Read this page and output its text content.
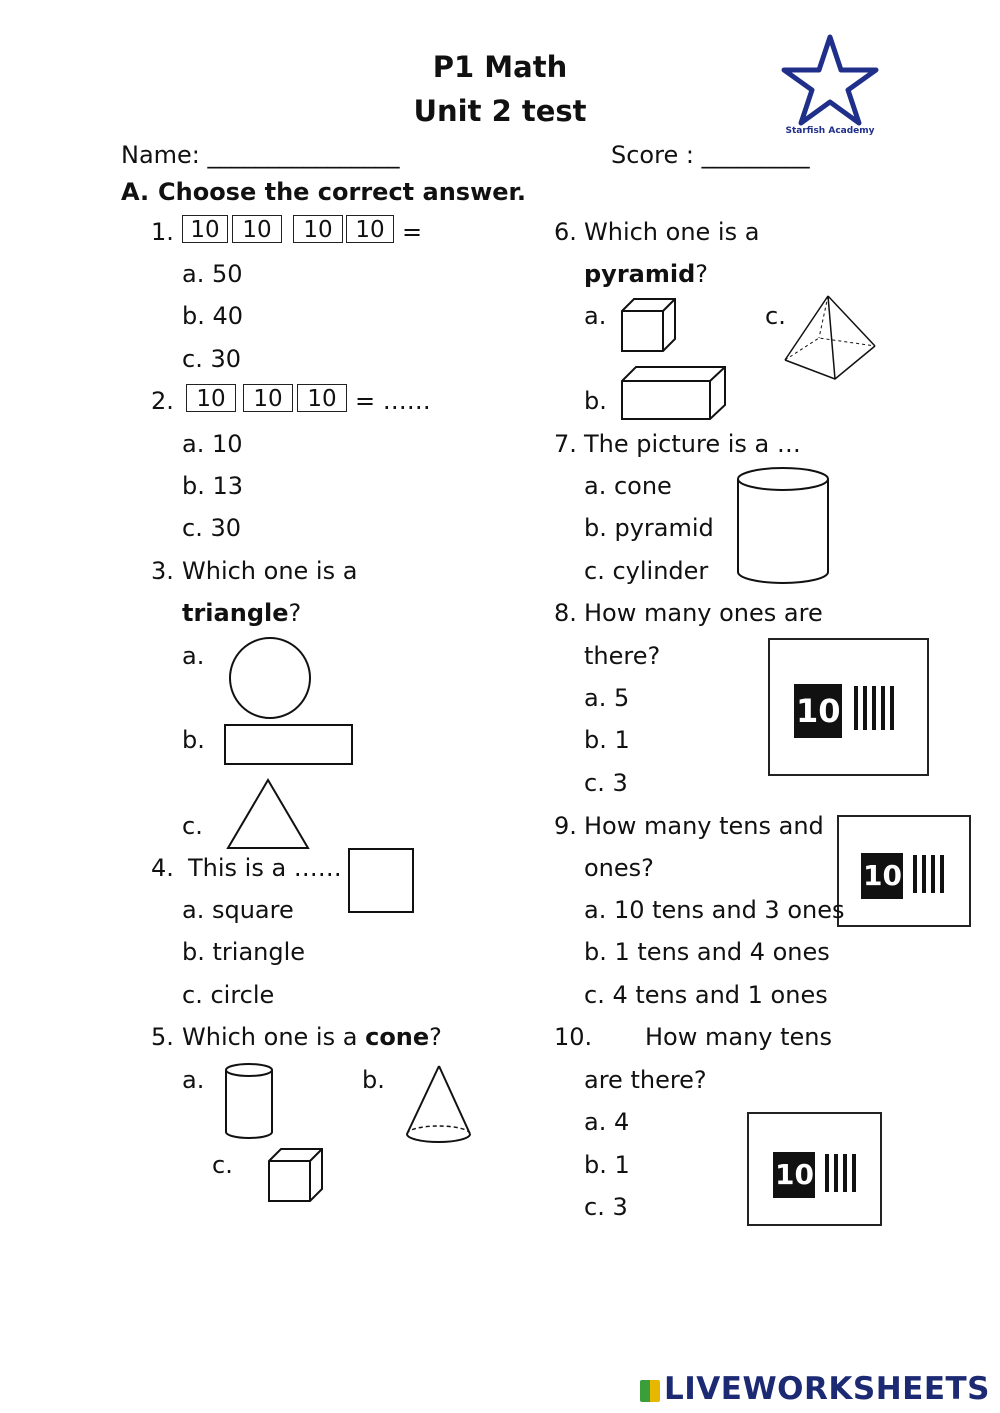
P1 Math
Unit 2 test
Starfish Academy
Name: ________________	Score : _________
A. Choose the correct answer.
1. 10 10	10 10 =
a. 50
b. 40
c. 30
2. 10	10	10 = ……
a. 10
b. 13
c. 30
3. Which one is a
triangle?
a.
b.
c.
4. This is a ……
a. square
b. triangle
c. circle
5. Which one is a cone?
a.	b.
c.
6. Which one is a
pyramid?
a.	c.
b.
7. The picture is a …
a. cone
b. pyramid
c. cylinder
8. How many ones are
there?
a. 5
b. 1
c. 3
10
9. How many tens and
ones?	10
a. 10 tens and 3 ones
b. 1 tens and 4 ones
c. 4 tens and 1 ones
10. How many tens
are there?
a. 4
b. 1
c. 3
10
LIVEWORKSHEETS
